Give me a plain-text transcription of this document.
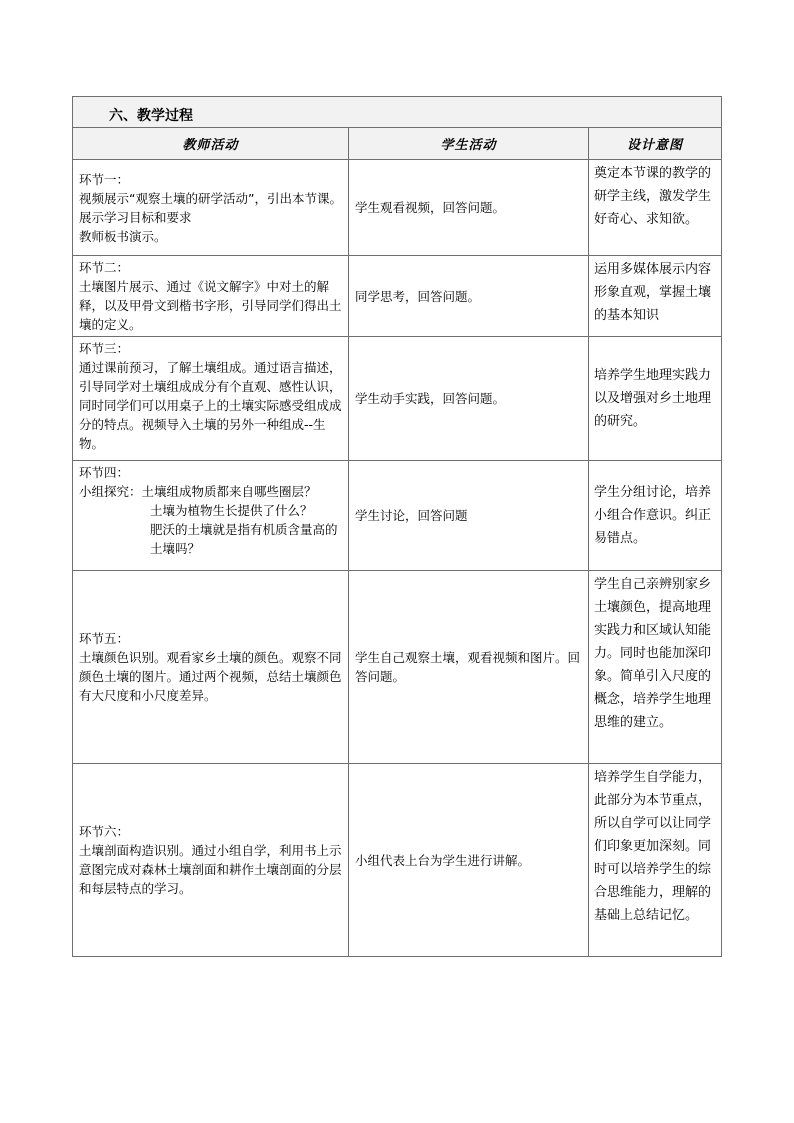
六、教学过程		
教师活动	学生活动	设计意图

环节一：
视频展示“观察土壤的研学活动”，引出本节课。展示学习目标和要求
教师板书演示。	学生观看视频，回答问题。	奠定本节课的教学的研学主线，激发学生好奇心、求知欲。

环节二：
土壤图片展示、通过《说文解字》中对土的解释，以及甲骨文到楷书字形，引导同学们得出土壤的定义。	同学思考，回答问题。	运用多媒体展示内容形象直观，掌握土壤的基本知识

环节三：
通过课前预习，了解土壤组成。通过语言描述，引导同学对土壤组成成分有个直观、感性认识，同时同学们可以用桌子上的土壤实际感受组成成分的特点。视频导入土壤的另外一种组成--生物。	学生动手实践，回答问题。	培养学生地理实践力以及增强对乡土地理的研究。

环节四：
小组探究：土壤组成物质都来自哪些圈层？
土壤为植物生长提供了什么？
肥沃的土壤就是指有机质含量高的土壤吗？	学生讨论，回答问题	学生分组讨论，培养小组合作意识。纠正易错点。

环节五：
土壤颜色识别。观看家乡土壤的颜色。观察不同颜色土壤的图片。通过两个视频，总结土壤颜色有大尺度和小尺度差异。	学生自己观察土壤，观看视频和图片。回答问题。	学生自己亲辨别家乡土壤颜色，提高地理实践力和区域认知能力。同时也能加深印象。简单引入尺度的概念，培养学生地理思维的建立。

环节六：
土壤剖面构造识别。通过小组自学，利用书上示意图完成对森林土壤剖面和耕作土壤剖面的分层和每层特点的学习。	小组代表上台为学生进行讲解。	培养学生自学能力，此部分为本节重点，所以自学可以让同学们印象更加深刻。同时可以培养学生的综合思维能力，理解的基础上总结记忆。
